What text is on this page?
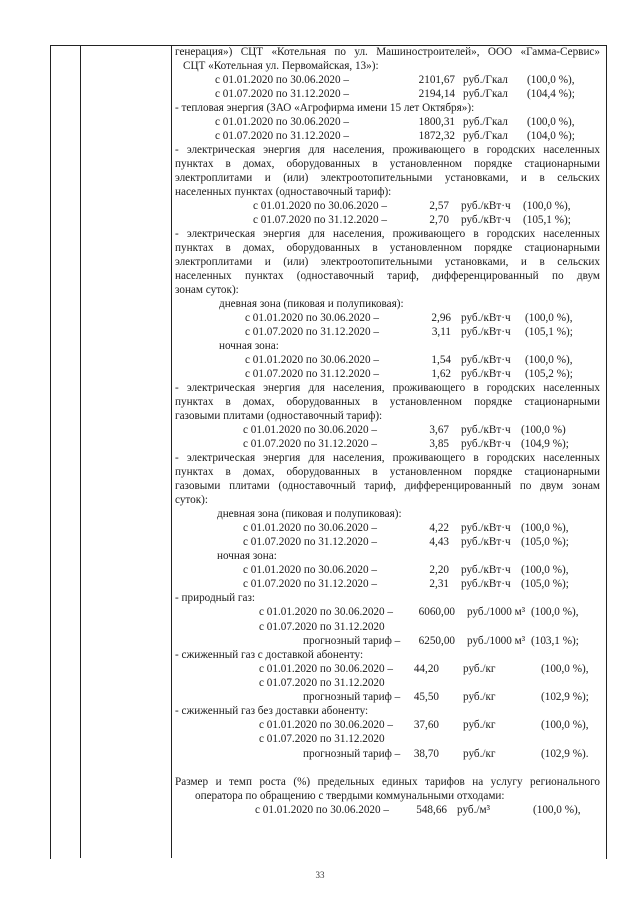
генерация») СЦТ «Котельная по ул. Машиностроителей», ООО «Гамма-Сервис»
СЦТ «Котельная ул. Первомайская, 13»):
с 01.01.2020 по 30.06.2020 –	2101,67 руб./Гкал (100,0 %),
с 01.07.2020 по 31.12.2020 –	2194,14 руб./Гкал (104,4 %);
- тепловая энергия (ЗАО «Агрофирма имени 15 лет Октября»):
с 01.01.2020 по 30.06.2020 –	1800,31 руб./Гкал (100,0 %),
с 01.07.2020 по 31.12.2020 –	1872,32 руб./Гкал (104,0 %);
- электрическая энергия для населения, проживающего в городских населенных
пунктах в домах, оборудованных в установленном порядке стационарными
электроплитами и (или) электроотопительными установками, и в сельских
населенных пунктах (одноставочный тариф):
с 01.01.2020 по 30.06.2020 –	2,57 руб./кВт·ч (100,0 %),
с 01.07.2020 по 31.12.2020 –	2,70 руб./кВт·ч (105,1 %);
- электрическая энергия для населения, проживающего в городских населенных
пунктах в домах, оборудованных в установленном порядке стационарными
электроплитами и (или) электроотопительными установками, и в сельских
населенных пунктах (одноставочный тариф, дифференцированный по двум
зонам суток):
дневная зона (пиковая и полупиковая):
с 01.01.2020 по 30.06.2020 –	2,96 руб./кВт·ч (100,0 %),
с 01.07.2020 по 31.12.2020 –	3,11 руб./кВт·ч (105,1 %);
ночная зона:
с 01.01.2020 по 30.06.2020 –	1,54 руб./кВт·ч (100,0 %),
с 01.07.2020 по 31.12.2020 –	1,62 руб./кВт·ч (105,2 %);
- электрическая энергия для населения, проживающего в городских населенных
пунктах в домах, оборудованных в установленном порядке стационарными
газовыми плитами (одноставочный тариф):
с 01.01.2020 по 30.06.2020 –	3,67 руб./кВт·ч (100,0 %)
с 01.07.2020 по 31.12.2020 –	3,85 руб./кВт·ч (104,9 %);
- электрическая энергия для населения, проживающего в городских населенных
пунктах в домах, оборудованных в установленном порядке стационарными
газовыми плитами (одноставочный тариф, дифференцированный по двум зонам
суток):
дневная зона (пиковая и полупиковая):
с 01.01.2020 по 30.06.2020 –	4,22 руб./кВт·ч (100,0 %),
с 01.07.2020 по 31.12.2020 –	4,43 руб./кВт·ч (105,0 %);
ночная зона:
с 01.01.2020 по 30.06.2020 –	2,20 руб./кВт·ч (100,0 %),
с 01.07.2020 по 31.12.2020 –	2,31 руб./кВт·ч (105,0 %);
- природный газ:
с 01.01.2020 по 30.06.2020 –	6060,00 руб./1000 м³ (100,0 %),
с 01.07.2020 по 31.12.2020
прогнозный тариф –	6250,00 руб./1000 м³ (103,1 %);
- сжиженный газ с доставкой абоненту:
с 01.01.2020 по 30.06.2020 –	44,20 руб./кг	(100,0 %),
с 01.07.2020 по 31.12.2020
прогнозный тариф –	45,50 руб./кг	(102,9 %);
- сжиженный газ без доставки абоненту:
с 01.01.2020 по 30.06.2020 –	37,60 руб./кг	(100,0 %),
с 01.07.2020 по 31.12.2020
прогнозный тариф –	38,70 руб./кг	(102,9 %).
Размер и темп роста (%) предельных единых тарифов на услугу регионального
оператора по обращению с твердыми коммунальными отходами:
с 01.01.2020 по 30.06.2020 –	548,66 руб./м³	(100,0 %),
33
